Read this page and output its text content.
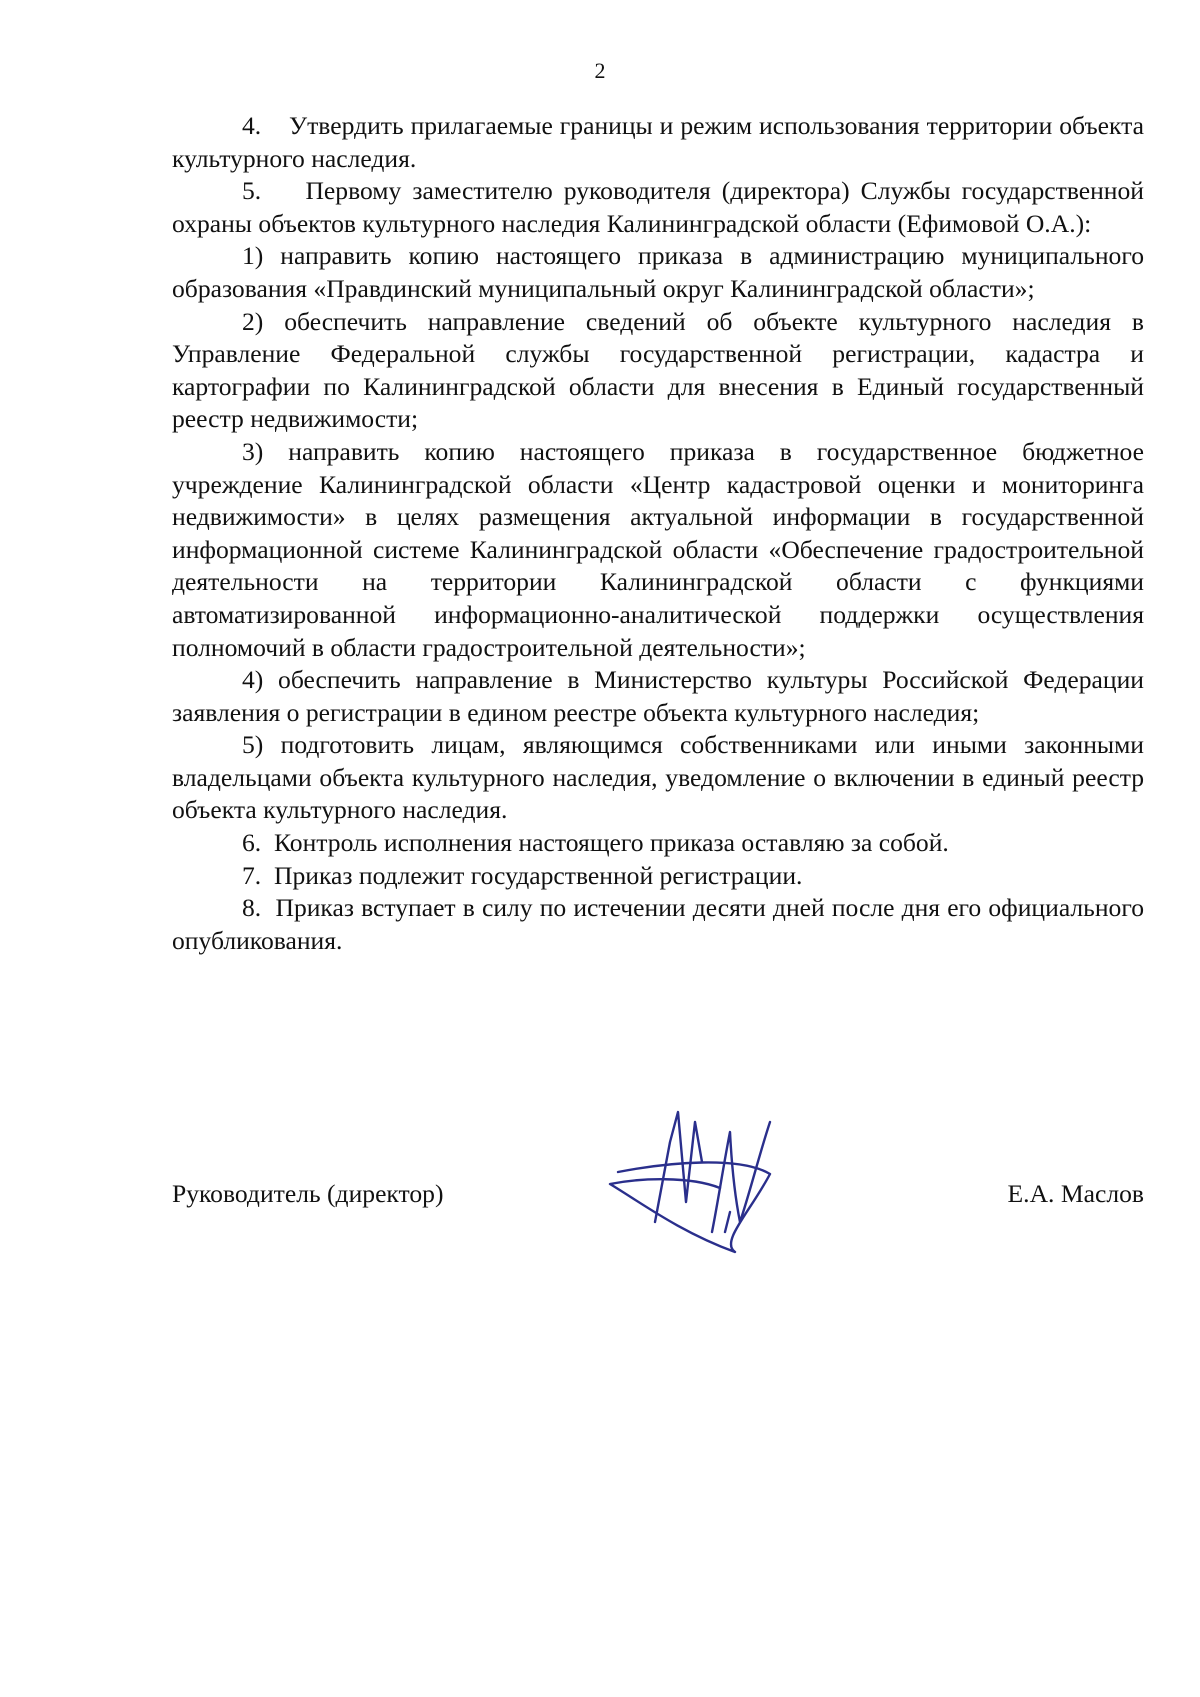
2

4.    Утвердить прилагаемые границы и режим использования территории объекта культурного наследия.

5.    Первому заместителю руководителя (директора) Службы государственной охраны объектов культурного наследия Калининградской области (Ефимовой О.А.):

1) направить копию настоящего приказа в администрацию муниципального образования «Правдинский муниципальный округ Калининградской области»;

2) обеспечить направление сведений об объекте культурного наследия в Управление Федеральной службы государственной регистрации, кадастра и картографии по Калининградской области для внесения в Единый государственный реестр недвижимости;

3) направить копию настоящего приказа в государственное бюджетное учреждение Калининградской области «Центр кадастровой оценки и мониторинга недвижимости» в целях размещения актуальной информации в государственной информационной системе Калининградской области «Обеспечение градостроительной деятельности на территории Калининградской области с функциями автоматизированной информационно-аналитической поддержки осуществления полномочий в области градостроительной деятельности»;

4) обеспечить направление в Министерство культуры Российской Федерации заявления о регистрации в едином реестре объекта культурного наследия;

5) подготовить лицам, являющимся собственниками или иными законными владельцами объекта культурного наследия, уведомление о включении в единый реестр объекта культурного наследия.

6.  Контроль исполнения настоящего приказа оставляю за собой.

7.  Приказ подлежит государственной регистрации.

8.  Приказ вступает в силу по истечении десяти дней после дня его официального опубликования.

Руководитель (директор)	Е.А. Маслов
